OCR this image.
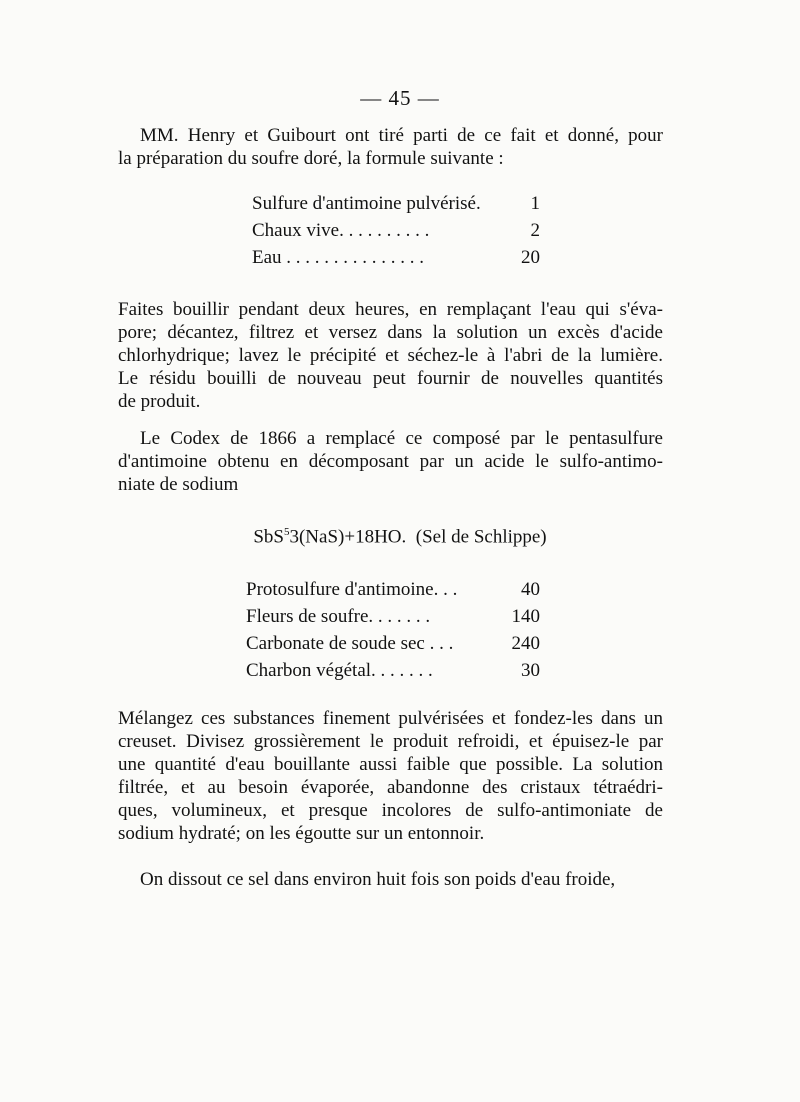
— 45 —

MM. Henry et Guibourt ont tiré parti de ce fait et donné, pour
la préparation du soufre doré, la formule suivante :

Sulfure d'antimoine pulvérisé.	1
Chaux vive. . . . . . . . . .	2
Eau . . . . . . . . . . . . . . .	20

Faites bouillir pendant deux heures, en remplaçant l'eau qui s'éva-
pore; décantez, filtrez et versez dans la solution un excès d'acide
chlorhydrique; lavez le précipité et séchez-le à l'abri de la lumière.
Le résidu bouilli de nouveau peut fournir de nouvelles quantités
de produit.

Le Codex de 1866 a remplacé ce composé par le pentasulfure
d'antimoine obtenu en décomposant par un acide le sulfo-antimo-
niate de sodium

SbS$^5$3(NaS)+18HO. (Sel de Schlippe)
Protosulfure d'antimoine. . .	40
Fleurs de soufre. . . . . . .	140
Carbonate de soude sec . . .	240
Charbon végétal. . . . . . .	30

Mélangez ces substances finement pulvérisées et fondez-les dans un
creuset. Divisez grossièrement le produit refroidi, et épuisez-le par
une quantité d'eau bouillante aussi faible que possible. La solution
filtrée, et au besoin évaporée, abandonne des cristaux tétraédri-
ques, volumineux, et presque incolores de sulfo-antimoniate de
sodium hydraté; on les égoutte sur un entonnoir.

On dissout ce sel dans environ huit fois son poids d'eau froide,
